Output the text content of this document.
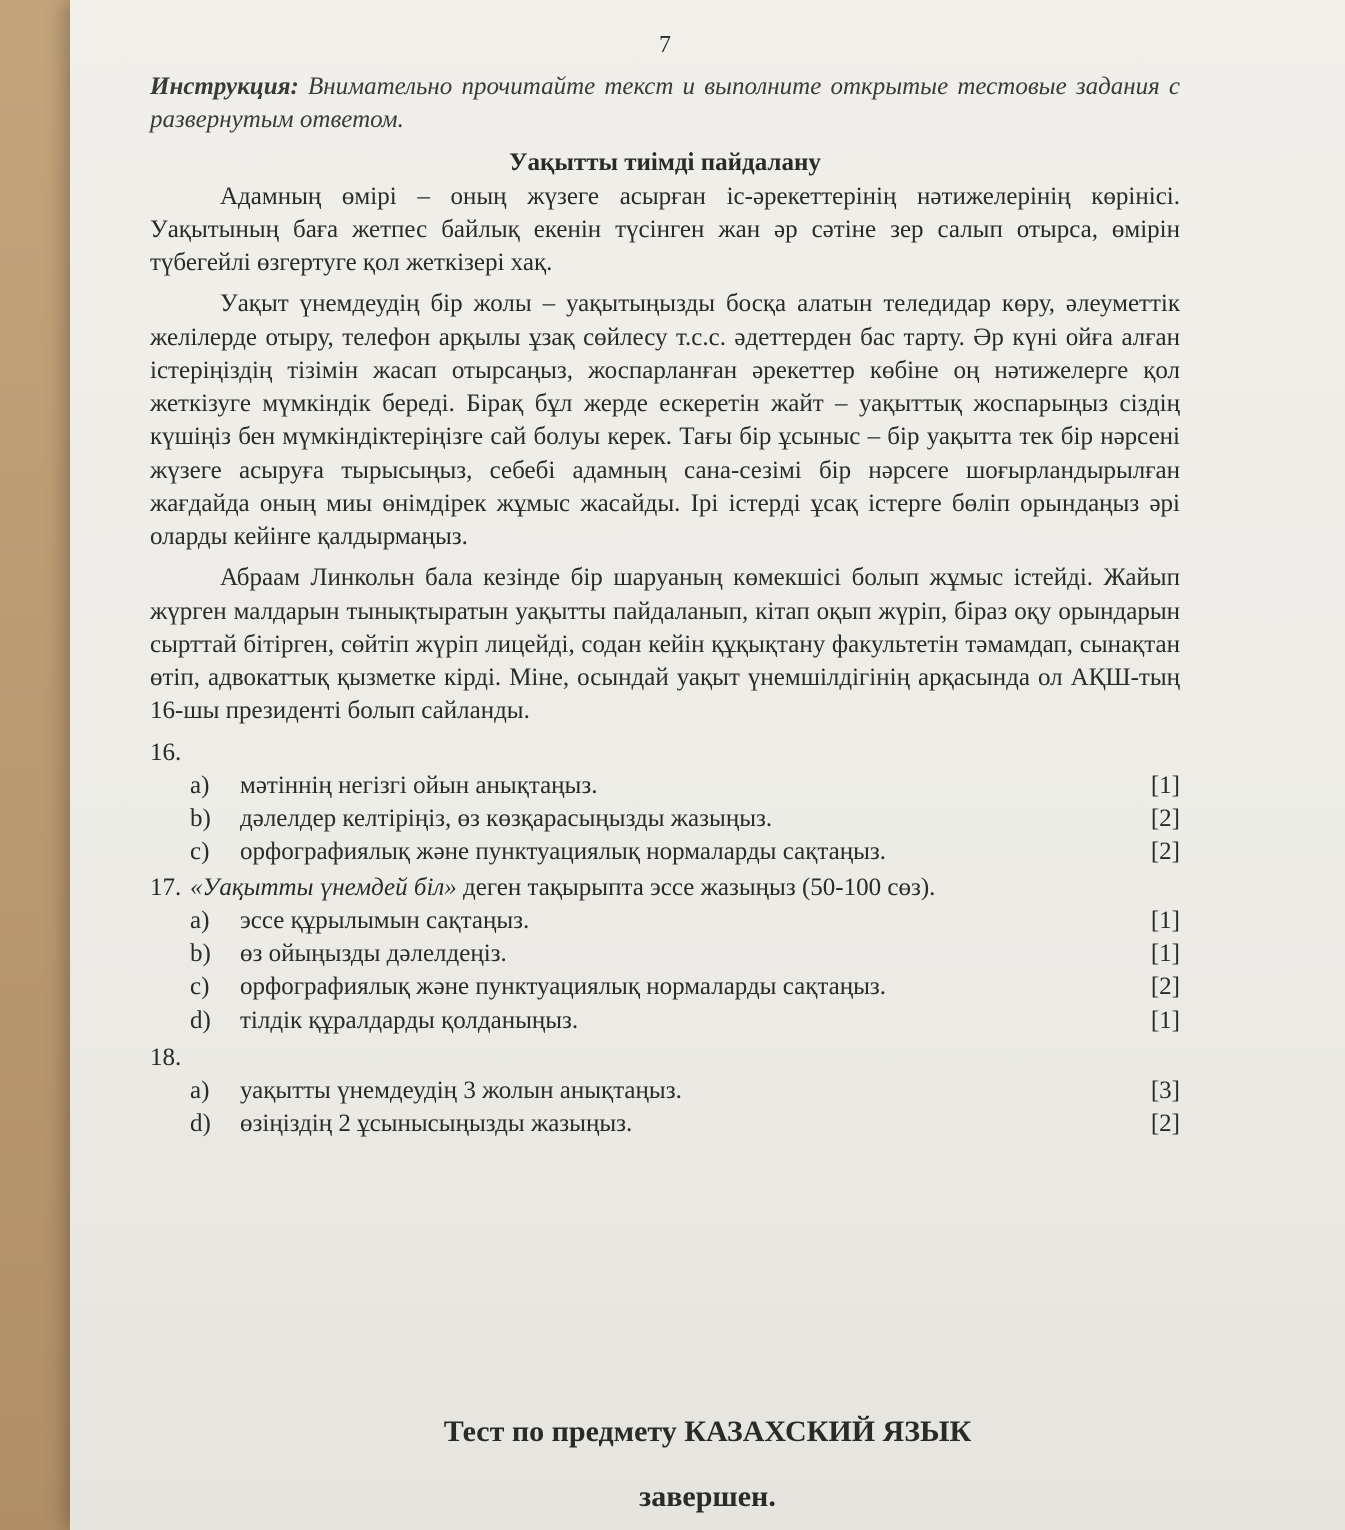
7
Инструкция: Внимательно прочитайте текст и выполните открытые тестовые задания с развернутым ответом.
Уақытты тиімді пайдалану

Адамның өмірі – оның жүзеге асырған іс-әрекеттерінің нәтижелерінің көрінісі. Уақытының баға жетпес байлық екенін түсінген жан әр сәтіне зер салып отырса, өмірін түбегейлі өзгертуге қол жеткізері хақ.

Уақыт үнемдеудің бір жолы – уақытыңызды босқа алатын теледидар көру, әлеуметтік желілерде отыру, телефон арқылы ұзақ сөйлесу т.с.с. әдеттерден бас тарту. Әр күні ойға алған істеріңіздің тізімін жасап отырсаңыз, жоспарланған әрекеттер көбіне оң нәтижелерге қол жеткізуге мүмкіндік береді. Бірақ бұл жерде ескеретін жайт – уақыттық жоспарыңыз сіздің күшіңіз бен мүмкіндіктеріңізге сай болуы керек. Тағы бір ұсыныс – бір уақытта тек бір нәрсені жүзеге асыруға тырысыңыз, себебі адамның сана-сезімі бір нәрсеге шоғырландырылған жағдайда оның миы өнімдірек жұмыс жасайды. Ірі істерді ұсақ істерге бөліп орындаңыз әрі оларды кейінге қалдырмаңыз.

Абраам Линкольн бала кезінде бір шаруаның көмекшісі болып жұмыс істейді. Жайып жүрген малдарын тынықтыратын уақытты пайдаланып, кітап оқып жүріп, біраз оқу орындарын сырттай бітірген, сөйтіп жүріп лицейді, содан кейін құқықтану факультетін тәмамдап, сынақтан өтіп, адвокаттық қызметке кірді. Міне, осындай уақыт үнемшілдігінің арқасында ол АҚШ-тың 16-шы президенті болып сайланды.

16.
a)	мәтіннің негізгі ойын анықтаңыз.	[1]
b)	дәлелдер келтіріңіз, өз көзқарасыңызды жазыңыз.	[2]
c)	орфографиялық және пунктуациялық нормаларды сақтаңыз.	[2]
17. «Уақытты үнемдей біл» деген тақырыпта эссе жазыңыз (50-100 сөз).
a)	эссе құрылымын сақтаңыз.	[1]
b)	өз ойыңызды дәлелдеңіз.	[1]
c)	орфографиялық және пунктуациялық нормаларды сақтаңыз.	[2]
d)	тілдік құралдарды қолданыңыз.	[1]
18.
a)	уақытты үнемдеудің 3 жолын анықтаңыз.	[3]
d)	өзіңіздің 2 ұсынысыңызды жазыңыз.	[2]
Тест по предмету КАЗАХСКИЙ ЯЗЫК
завершен.
